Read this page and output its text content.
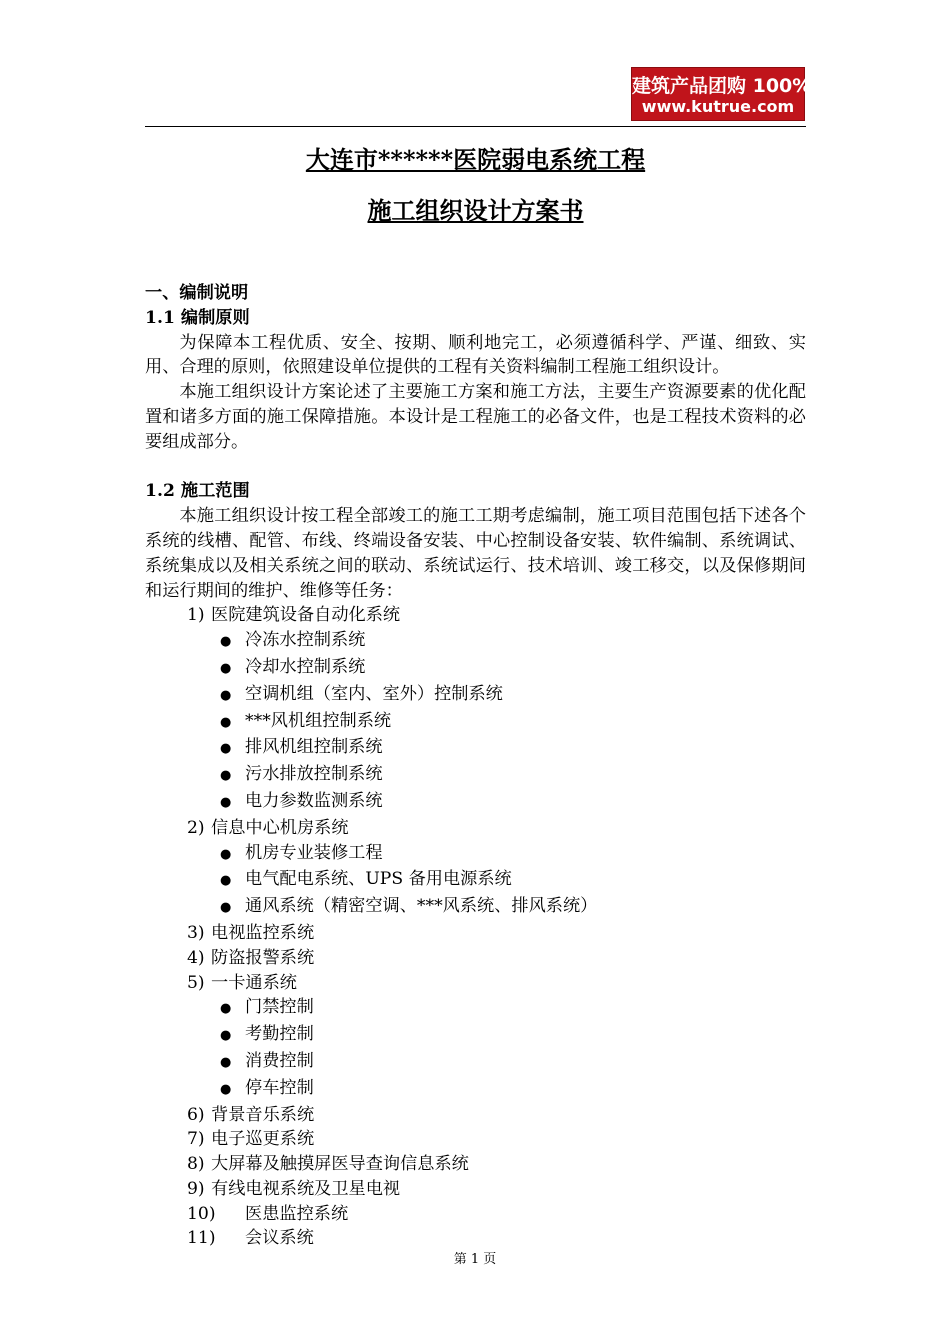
建筑产品团购 100%正品
www.kutrue.com
大连市******医院弱电系统工程
施工组织设计方案书
一、编制说明
1.1 编制原则
为保障本工程优质、安全、按期、顺利地完工，必须遵循科学、严谨、细致、实用、合理的原则，依照建设单位提供的工程有关资料编制工程施工组织设计。
本施工组织设计方案论述了主要施工方案和施工方法，主要生产资源要素的优化配置和诸多方面的施工保障措施。本设计是工程施工的必备文件，也是工程技术资料的必要组成部分。
1.2 施工范围
本施工组织设计按工程全部竣工的施工工期考虑编制，施工项目范围包括下述各个系统的线槽、配管、布线、终端设备安装、中心控制设备安装、软件编制、系统调试、系统集成以及相关系统之间的联动、系统试运行、技术培训、竣工移交，以及保修期间和运行期间的维护、维修等任务：
1) 医院建筑设备自动化系统
● 冷冻水控制系统
● 冷却水控制系统
● 空调机组（室内、室外）控制系统
● ***风机组控制系统
● 排风机组控制系统
● 污水排放控制系统
● 电力参数监测系统
2) 信息中心机房系统
● 机房专业装修工程
● 电气配电系统、UPS 备用电源系统
● 通风系统（精密空调、***风系统、排风系统）
3) 电视监控系统
4) 防盗报警系统
5) 一卡通系统
● 门禁控制
● 考勤控制
● 消费控制
● 停车控制
6) 背景音乐系统
7) 电子巡更系统
8) 大屏幕及触摸屏医导查询信息系统
9) 有线电视系统及卫星电视
10) 医患监控系统
11) 会议系统
第 1 页
